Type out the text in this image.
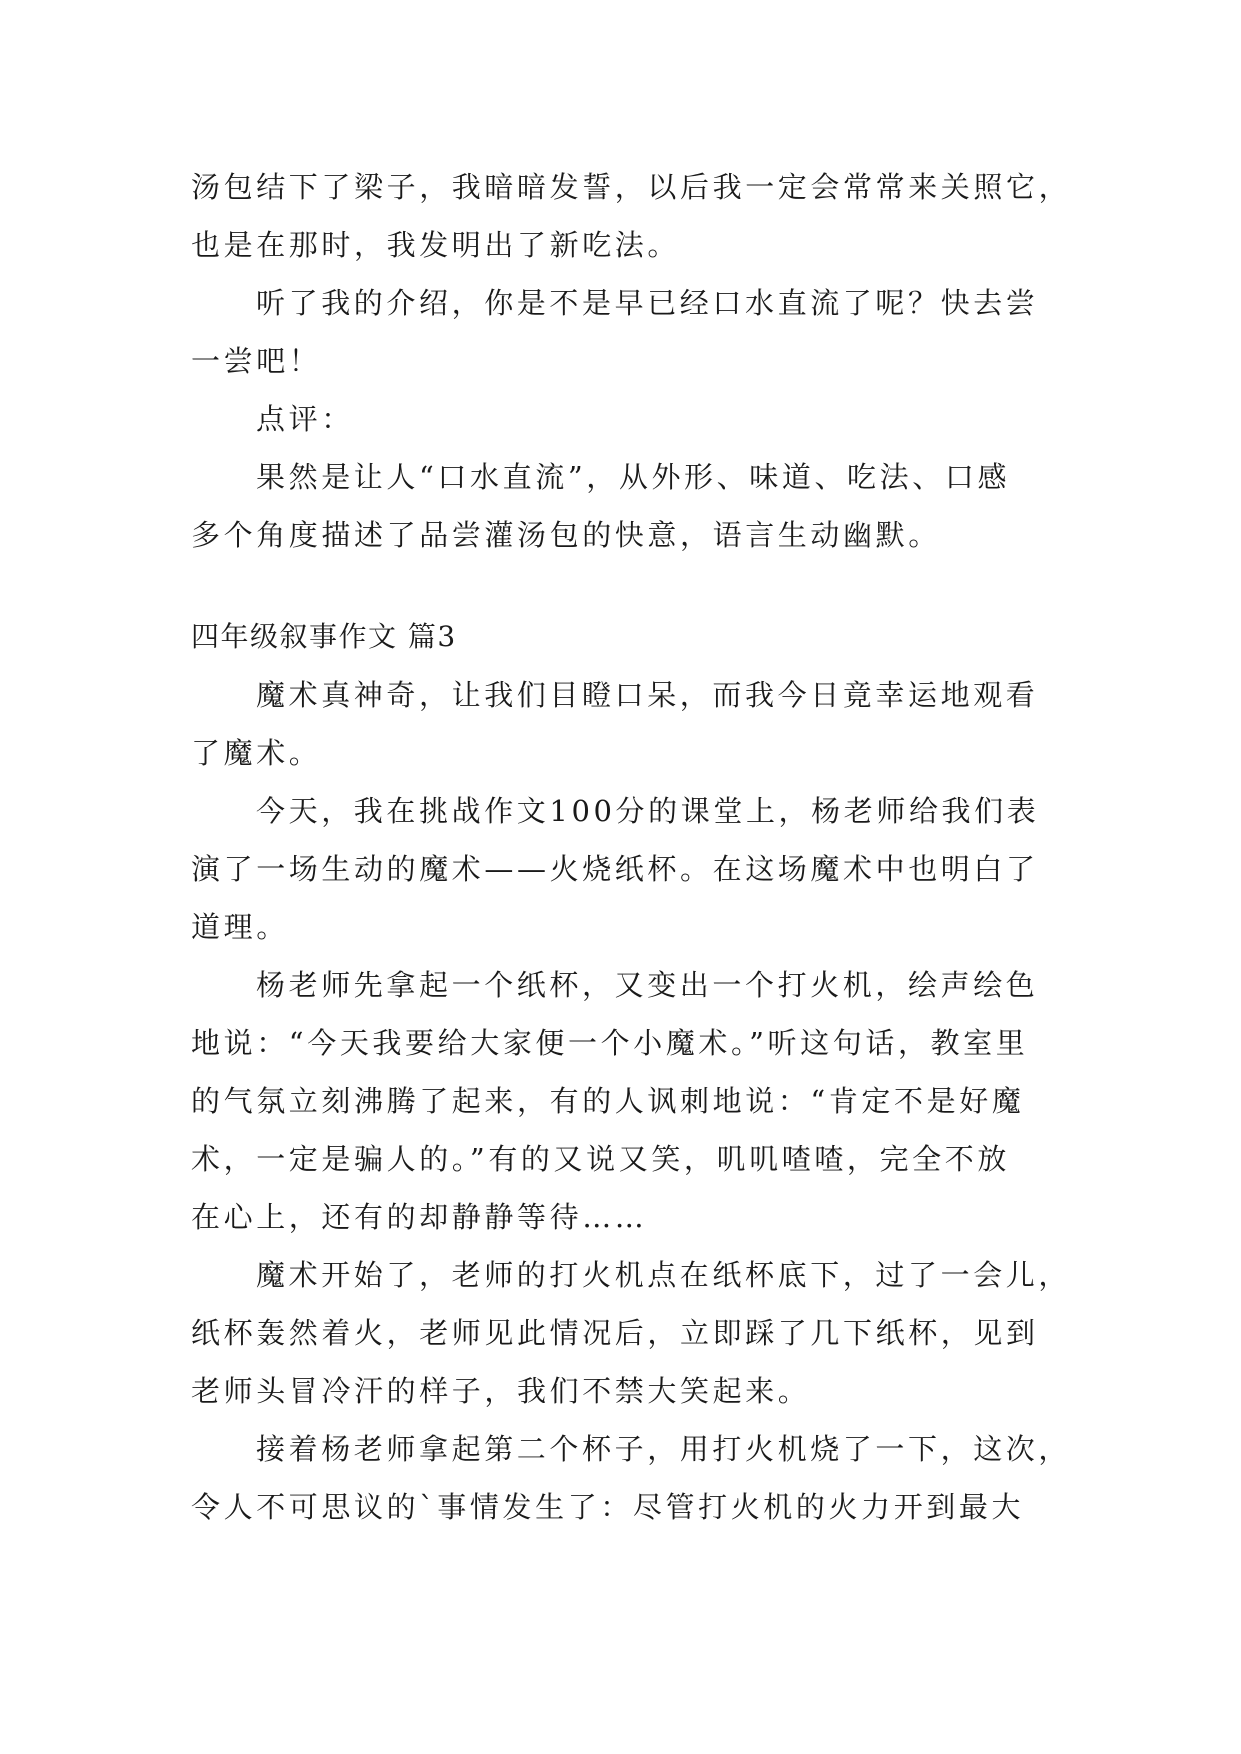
汤包结下了梁子，我暗暗发誓，以后我一定会常常来关照它，
也是在那时，我发明出了新吃法。
听了我的介绍，你是不是早已经口水直流了呢？快去尝
一尝吧！
点评：
果然是让人“口水直流”，从外形、味道、吃法、口感
多个角度描述了品尝灌汤包的快意，语言生动幽默。
四年级叙事作文 篇3
魔术真神奇，让我们目瞪口呆，而我今日竟幸运地观看
了魔术。
今天，我在挑战作文100分的课堂上，杨老师给我们表
演了一场生动的魔术——火烧纸杯。在这场魔术中也明白了
道理。
杨老师先拿起一个纸杯，又变出一个打火机，绘声绘色
地说：“今天我要给大家便一个小魔术。”听这句话，教室里
的气氛立刻沸腾了起来，有的人讽刺地说：“肯定不是好魔
术，一定是骗人的。”有的又说又笑，叽叽喳喳，完全不放
在心上，还有的却静静等待……
魔术开始了，老师的打火机点在纸杯底下，过了一会儿，
纸杯轰然着火，老师见此情况后，立即踩了几下纸杯，见到
老师头冒冷汗的样子，我们不禁大笑起来。
接着杨老师拿起第二个杯子，用打火机烧了一下，这次，
令人不可思议的`事情发生了：尽管打火机的火力开到最大
